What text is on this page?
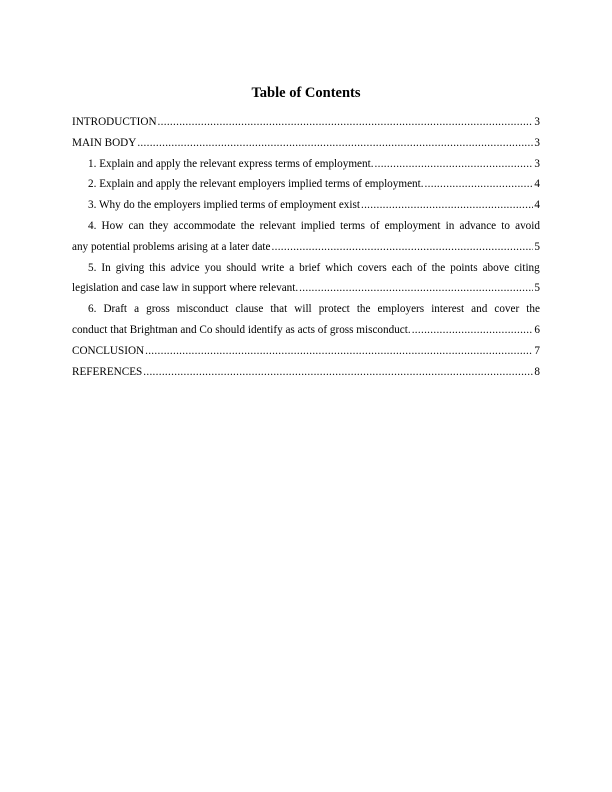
Table of Contents
INTRODUCTION .....	3
MAIN BODY .....	3
1. Explain and apply the relevant express terms of employment. .....	3
2. Explain and apply the relevant employers implied terms of employment. .....	4
3. Why do the employers implied terms of employment exist .....	4
4. How can they accommodate the relevant implied terms of employment in advance to avoid
any potential problems arising at a later date .....	5
5. In giving this advice you should write a brief which covers each of the points above citing
legislation and case law in support where relevant. .....	5
6. Draft a gross misconduct clause that will protect the employers interest and cover the
conduct that Brightman and Co should identify as acts of gross misconduct. .....	6
CONCLUSION .....	7
REFERENCES .....	8
